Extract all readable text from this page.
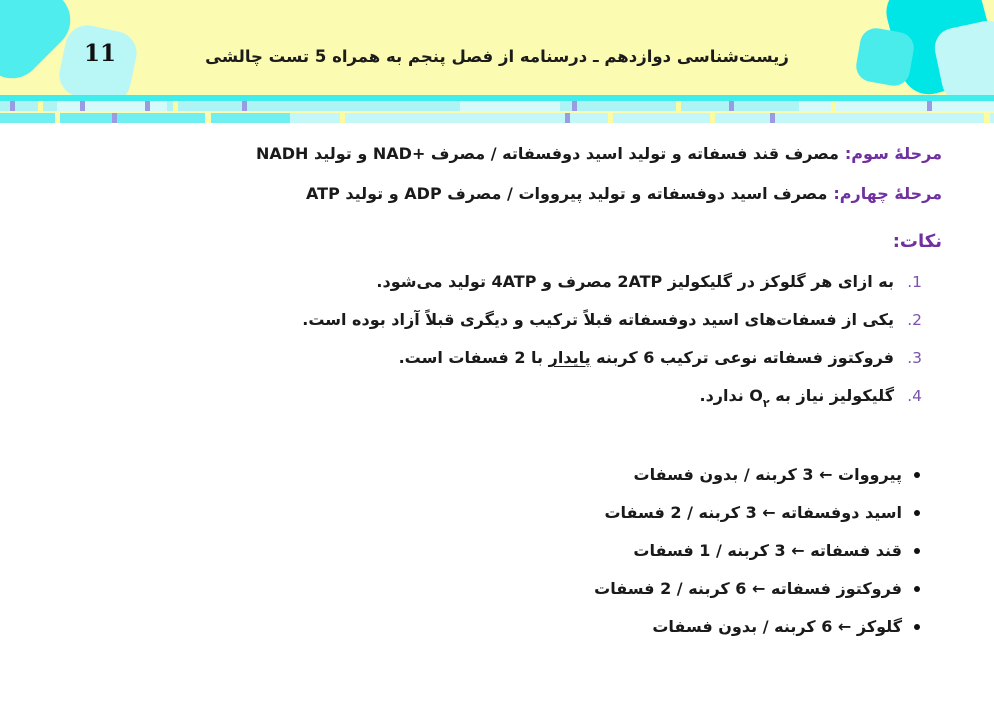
11	زیست‌شناسی دوازدهم ـ درسنامه از فصل پنجم به همراه 5 تست چالشی
مرحلۀ سوم:مصرف قند فسفاته و تولید اسید دوفسفاته / مصرف +NAD و تولید NADH
مرحلۀ چهارم:مصرف اسید دوفسفاته و تولید پیرووات / مصرف ADP و تولید ATP
نکات:
1.
به ازای هر گلوکز در گلیکولیز 2ATP مصرف و 4ATP تولید می‌شود.
2.
یکی از فسفات‌های اسید دوفسفاته قبلاً ترکیب و دیگری قبلاً آزاد بوده است.
3.
فروکتوز فسفاته نوعی ترکیب 6 کربنه پایدار با 2 فسفات است.
4.
گلیکولیز نیاز به $O_۲$ ندارد.
پیرووات ← 3 کربنه / بدون فسفات
اسید دوفسفاته ← 3 کربنه / 2 فسفات
قند فسفاته ← 3 کربنه / 1 فسفات
فروکتوز فسفاته ← 6 کربنه / 2 فسفات
گلوکز ← 6 کربنه / بدون فسفات
